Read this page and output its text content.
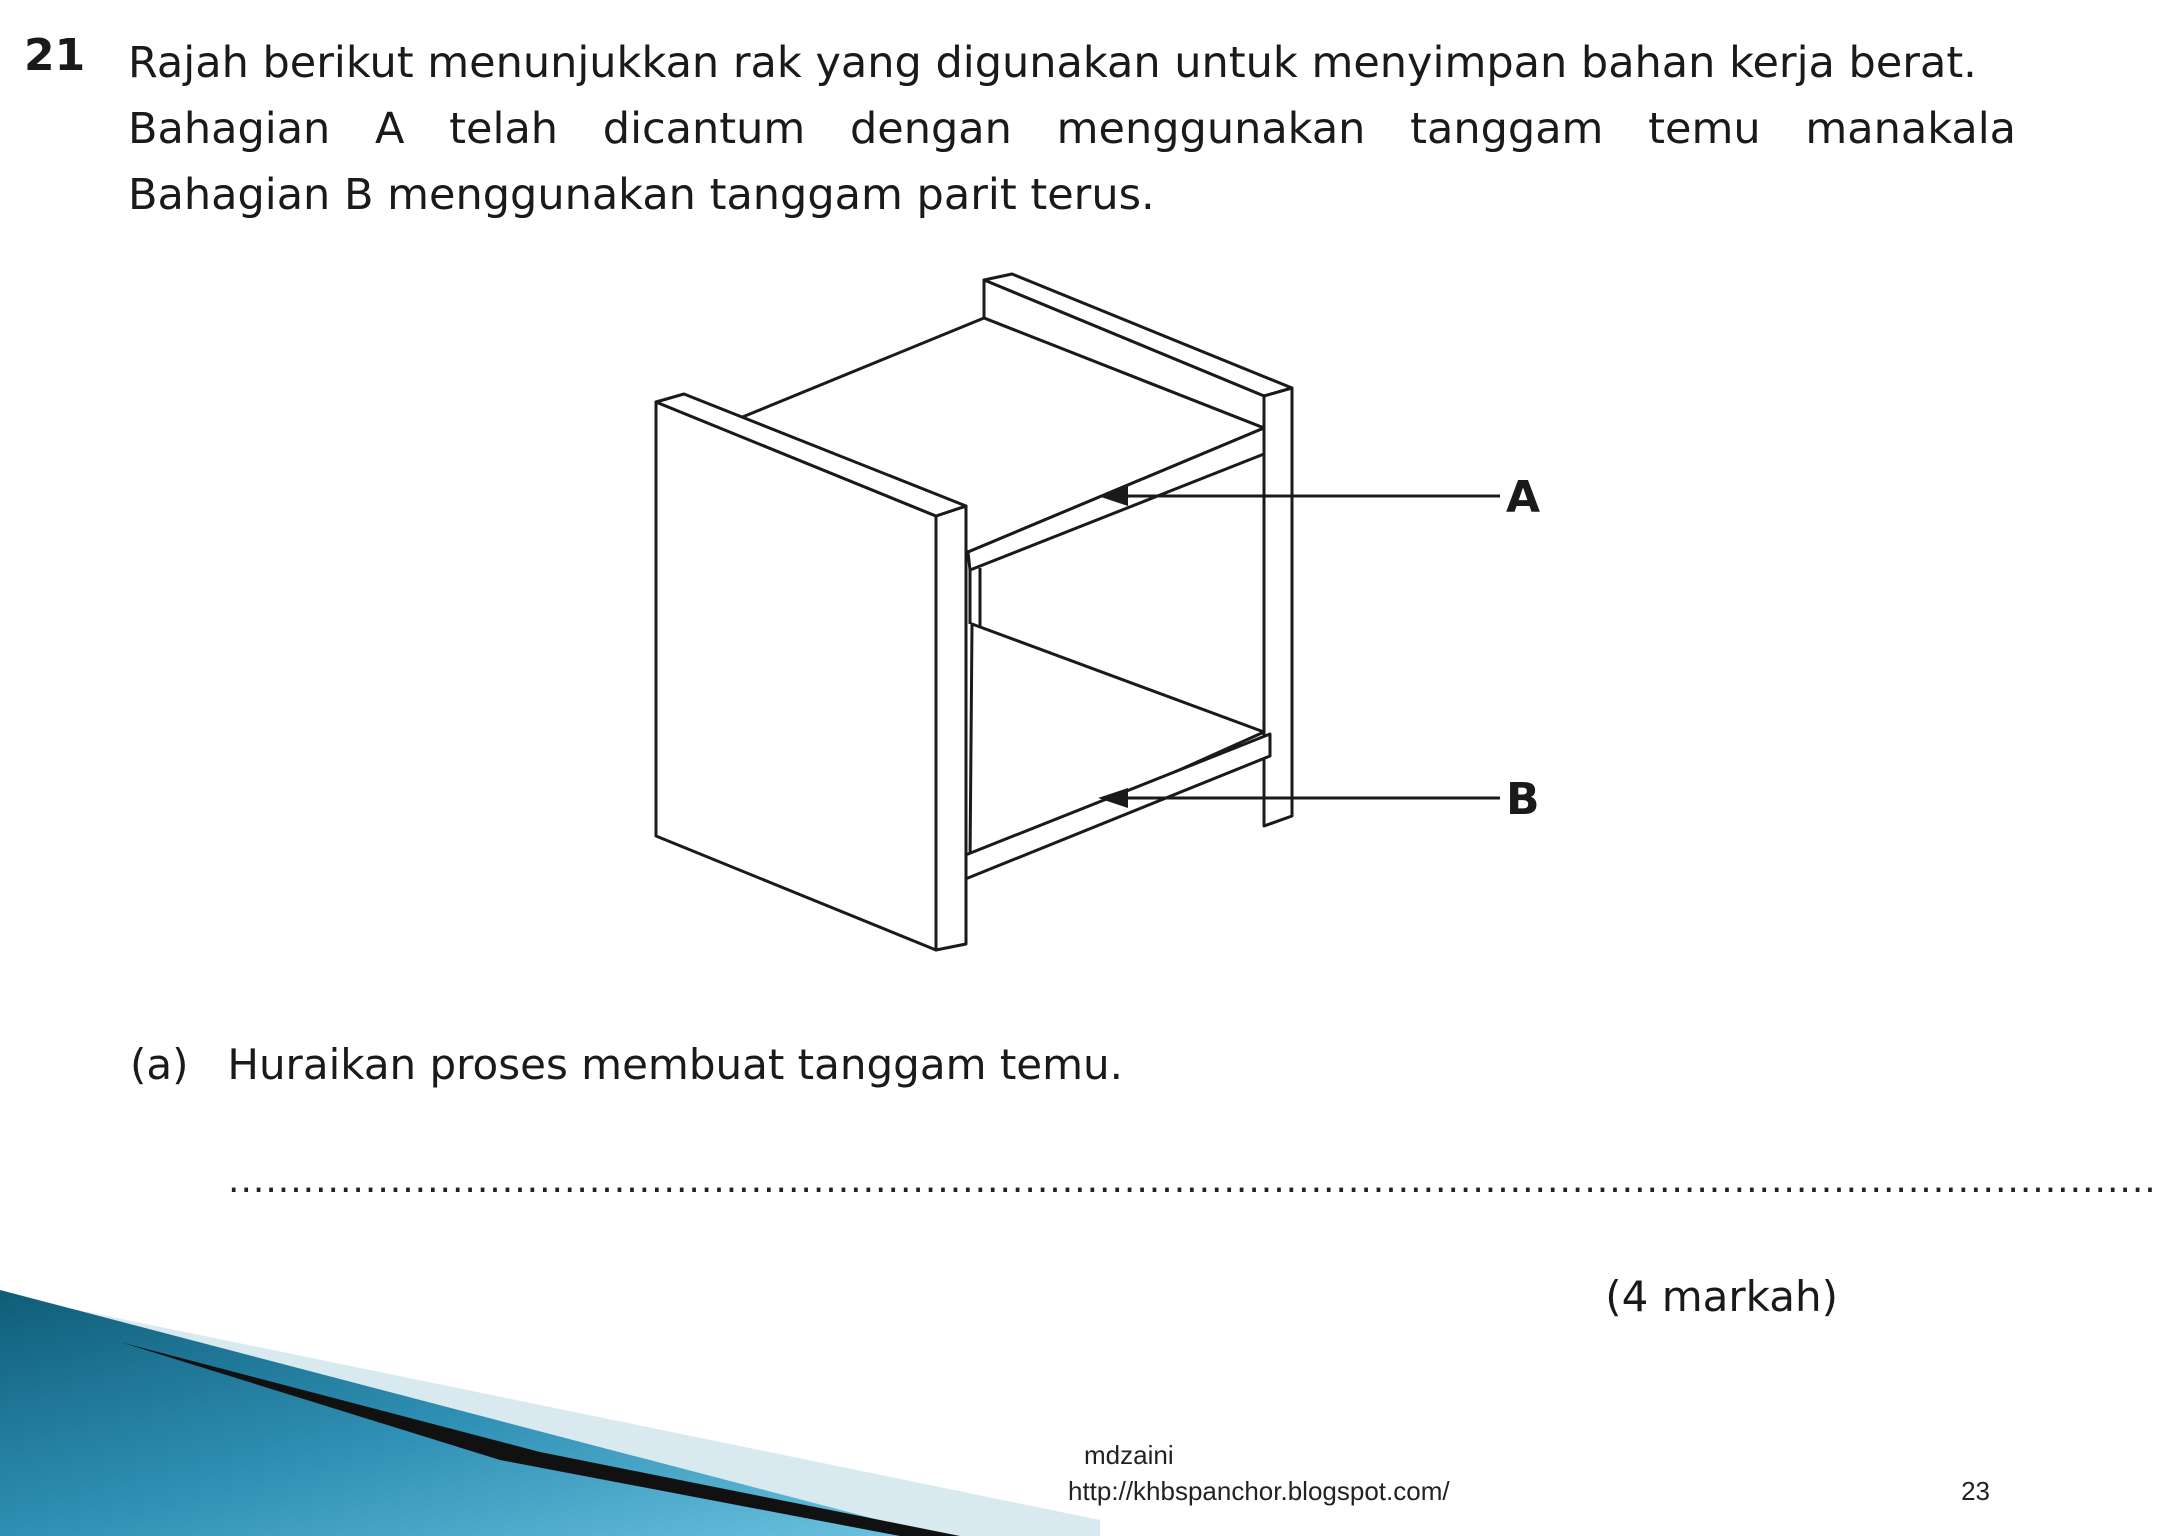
21 Rajah berikut menunjukkan rak yang digunakan untuk menyimpan bahan kerja berat.
Bahagian A telah dicantum dengan menggunakan tanggam temu manakala
Bahagian B menggunakan tanggam parit terus.
A
B
(a) Huraikan proses membuat tanggam temu.
...........................................................................................................................................................
(4 markah)
mdzaini
http://khbspanchor.blogspot.com/	23
